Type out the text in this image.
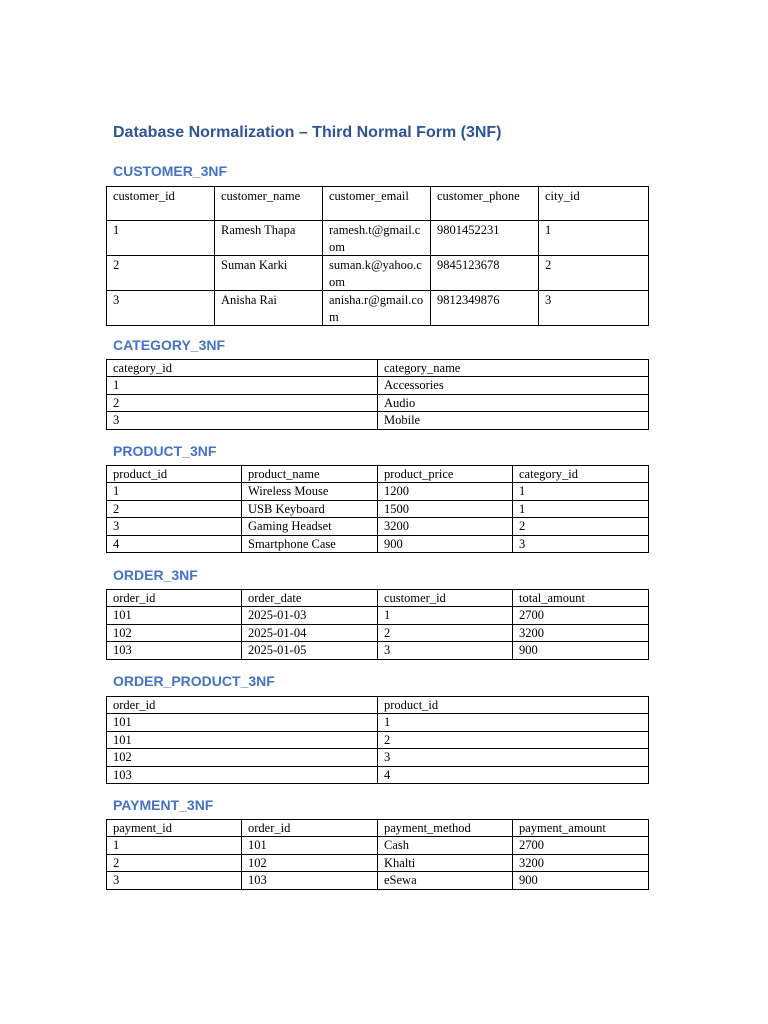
Database Normalization – Third Normal Form (3NF)
CUSTOMER_3NF
customer_id	customer_name	customer_email	customer_phone	city_id
1	Ramesh Thapa	ramesh.t@gmail.com	9801452231	1
2	Suman Karki	suman.k@yahoo.com	9845123678	2
3	Anisha Rai	anisha.r@gmail.com	9812349876	3
CATEGORY_3NF
category_id	category_name
1	Accessories
2	Audio
3	Mobile
PRODUCT_3NF
product_id	product_name	product_price	category_id
1	Wireless Mouse	1200	1
2	USB Keyboard	1500	1
3	Gaming Headset	3200	2
4	Smartphone Case	900	3
ORDER_3NF
order_id	order_date	customer_id	total_amount
101	2025-01-03	1	2700
102	2025-01-04	2	3200
103	2025-01-05	3	900
ORDER_PRODUCT_3NF
order_id	product_id
101	1
101	2
102	3
103	4
PAYMENT_3NF
payment_id	order_id	payment_method	payment_amount
1	101	Cash	2700
2	102	Khalti	3200
3	103	eSewa	900
